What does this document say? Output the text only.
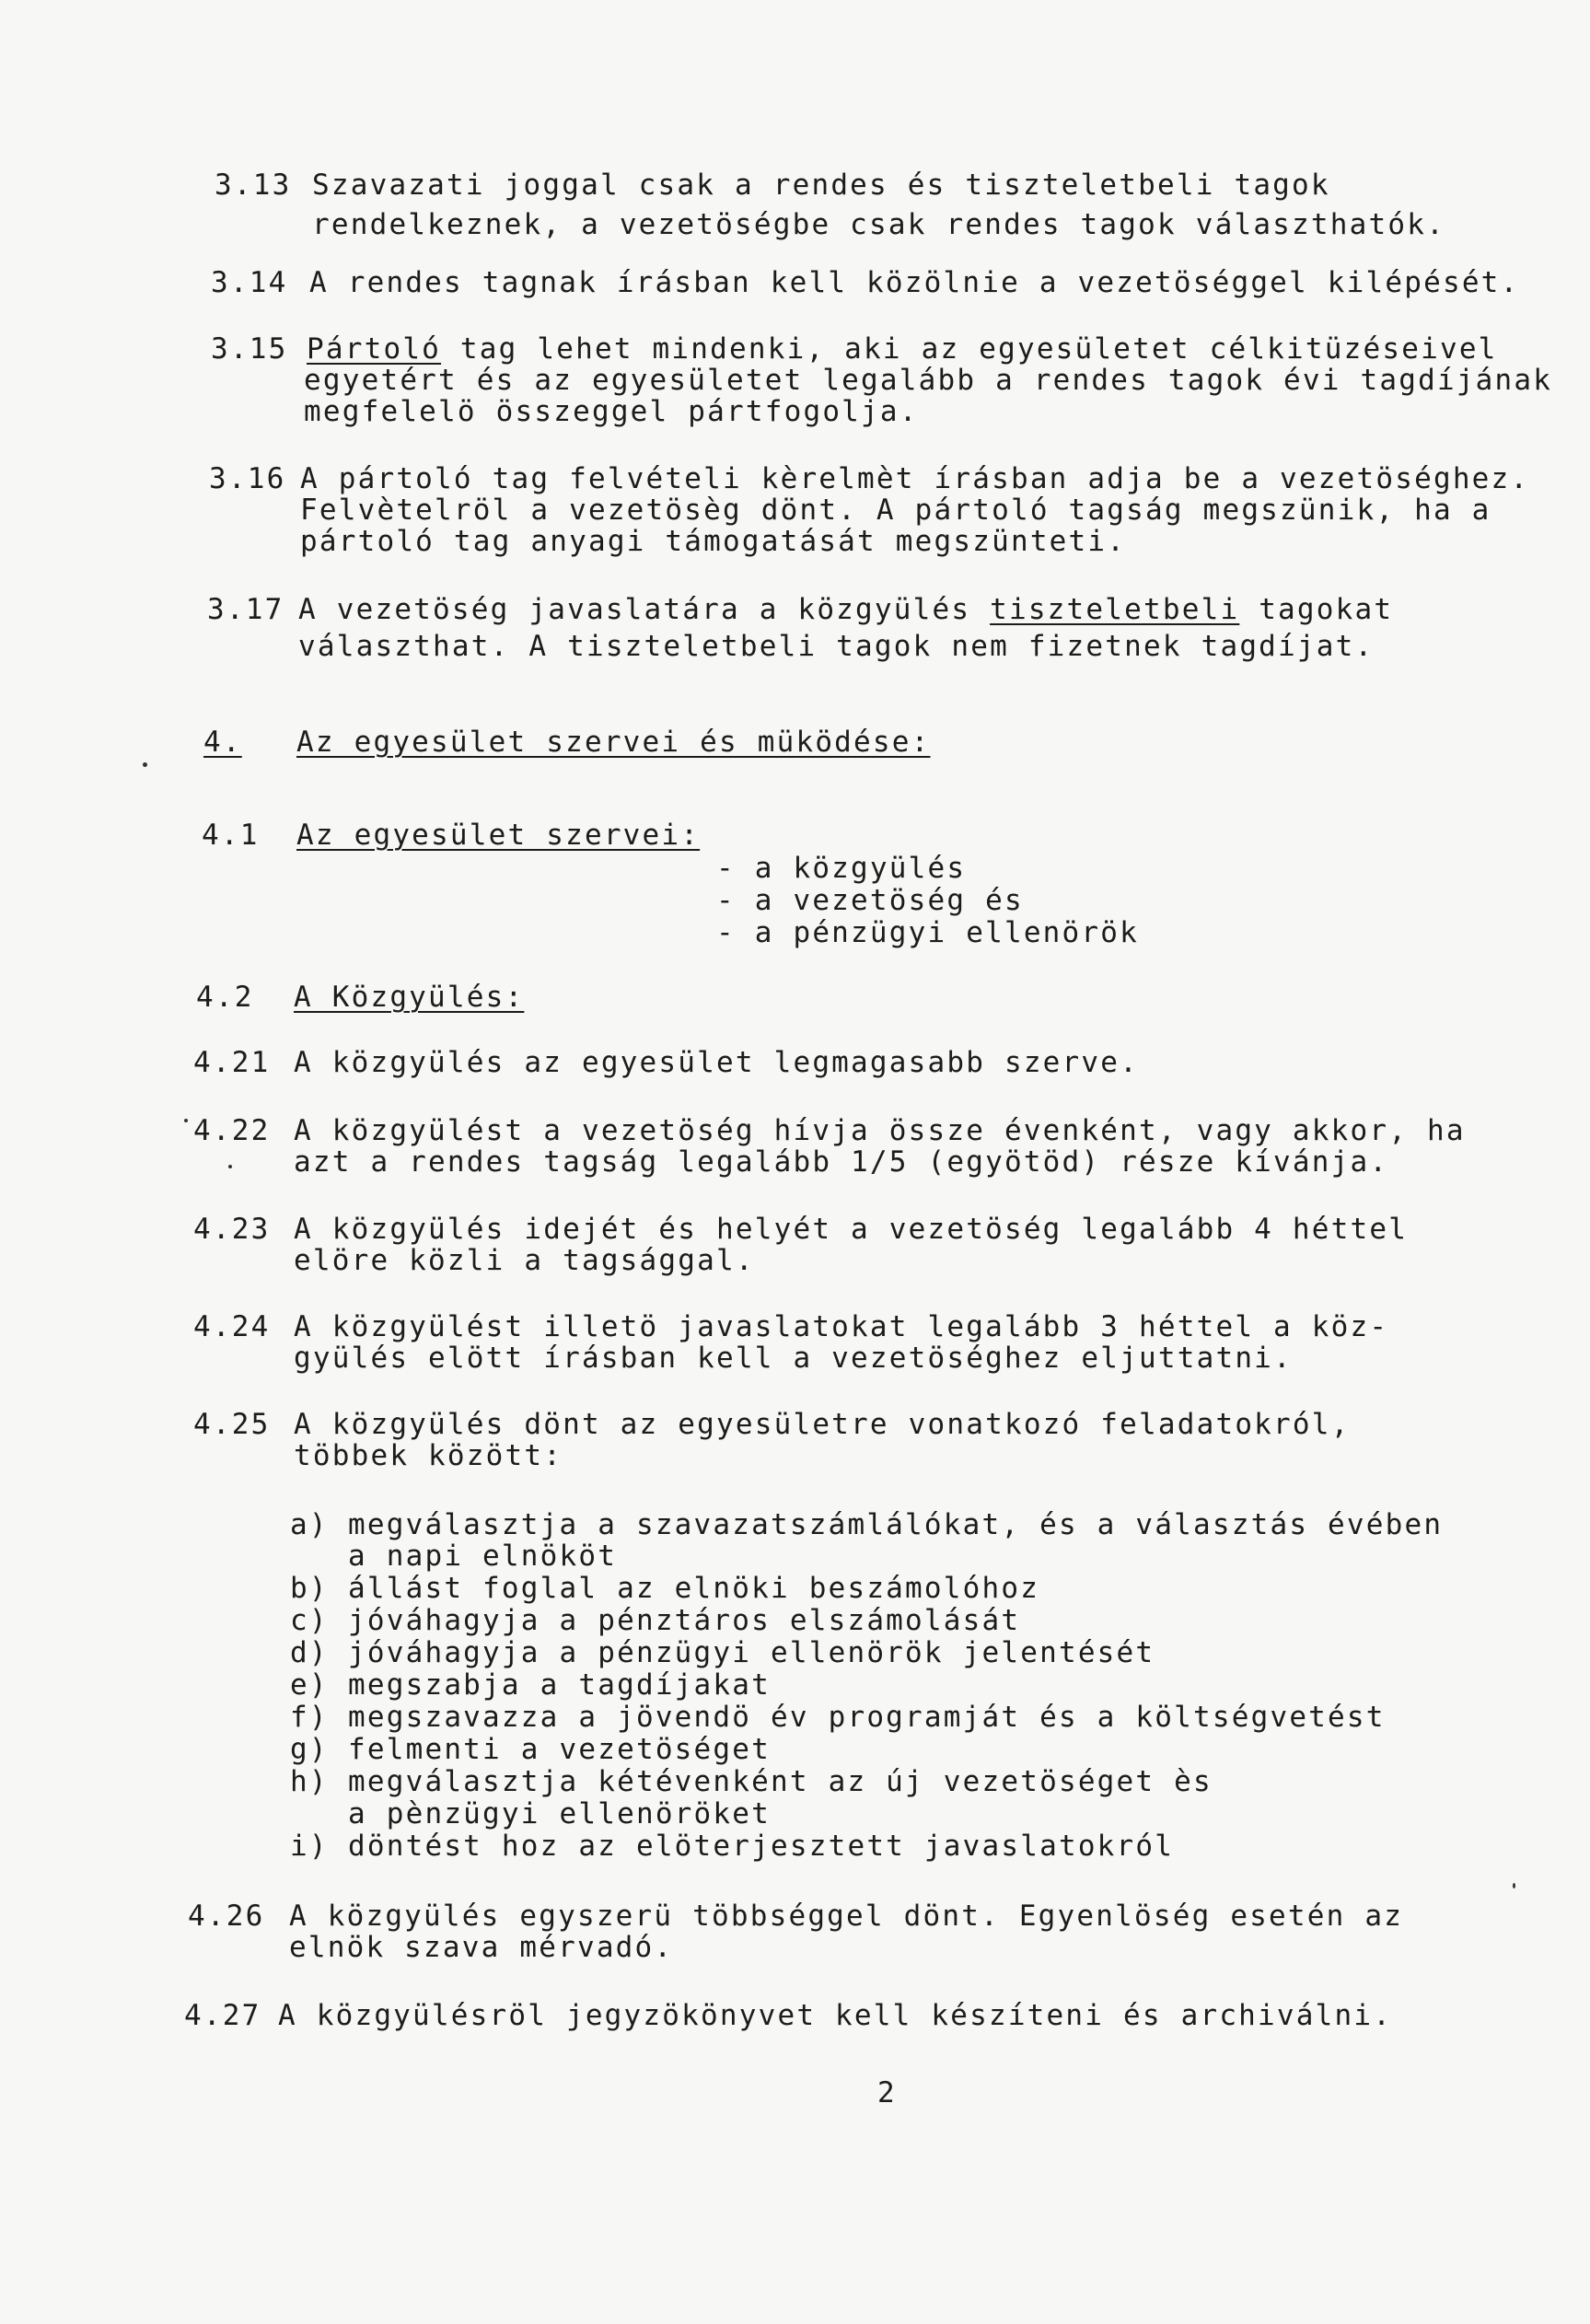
3.13 Szavazati joggal csak a rendes és tiszteletbeli tagok
rendelkeznek, a vezetöségbe csak rendes tagok választhatók.
3.14 A rendes tagnak írásban kell közölnie a vezetöséggel kilépését.
3.15 Pártoló tag lehet mindenki, aki az egyesületet célkitüzéseivel
egyetért és az egyesületet legalább a rendes tagok évi tagdíjának
megfelelö összeggel pártfogolja.
3.16 A pártoló tag felvételi kèrelmèt írásban adja be a vezetöséghez.
Felvètelröl a vezetösèg dönt. A pártoló tagság megszünik, ha a
pártoló tag anyagi támogatását megszünteti.
3.17 A vezetöség javaslatára a közgyülés tiszteletbeli tagokat
választhat. A tiszteletbeli tagok nem fizetnek tagdíjat.
4. Az egyesület szervei és müködése:
4.1 Az egyesület szervei:
- a közgyülés
- a vezetöség és
- a pénzügyi ellenörök
4.2 A Közgyülés:
4.21 A közgyülés az egyesület legmagasabb szerve.
4.22 A közgyülést a vezetöség hívja össze évenként, vagy akkor, ha
azt a rendes tagság legalább 1/5 (egyötöd) része kívánja.
4.23 A közgyülés idejét és helyét a vezetöség legalább 4 héttel
elöre közli a tagsággal.
4.24 A közgyülést illetö javaslatokat legalább 3 héttel a köz-
gyülés elött írásban kell a vezetöséghez eljuttatni.
4.25 A közgyülés dönt az egyesületre vonatkozó feladatokról,
többek között:
a) megválasztja a szavazatszámlálókat, és a választás évében
a napi elnököt
b) állást foglal az elnöki beszámolóhoz
c) jóváhagyja a pénztáros elszámolását
d) jóváhagyja a pénzügyi ellenörök jelentését
e) megszabja a tagdíjakat
f) megszavazza a jövendö év programját és a költségvetést
g) felmenti a vezetöséget
h) megválasztja kétévenként az új vezetöséget ès
a pènzügyi ellenöröket
i) döntést hoz az elöterjesztett javaslatokról
4.26 A közgyülés egyszerü többséggel dönt. Egyenlöség esetén az
elnök szava mérvadó.
4.27 A közgyülésröl jegyzökönyvet kell készíteni és archiválni.
2
